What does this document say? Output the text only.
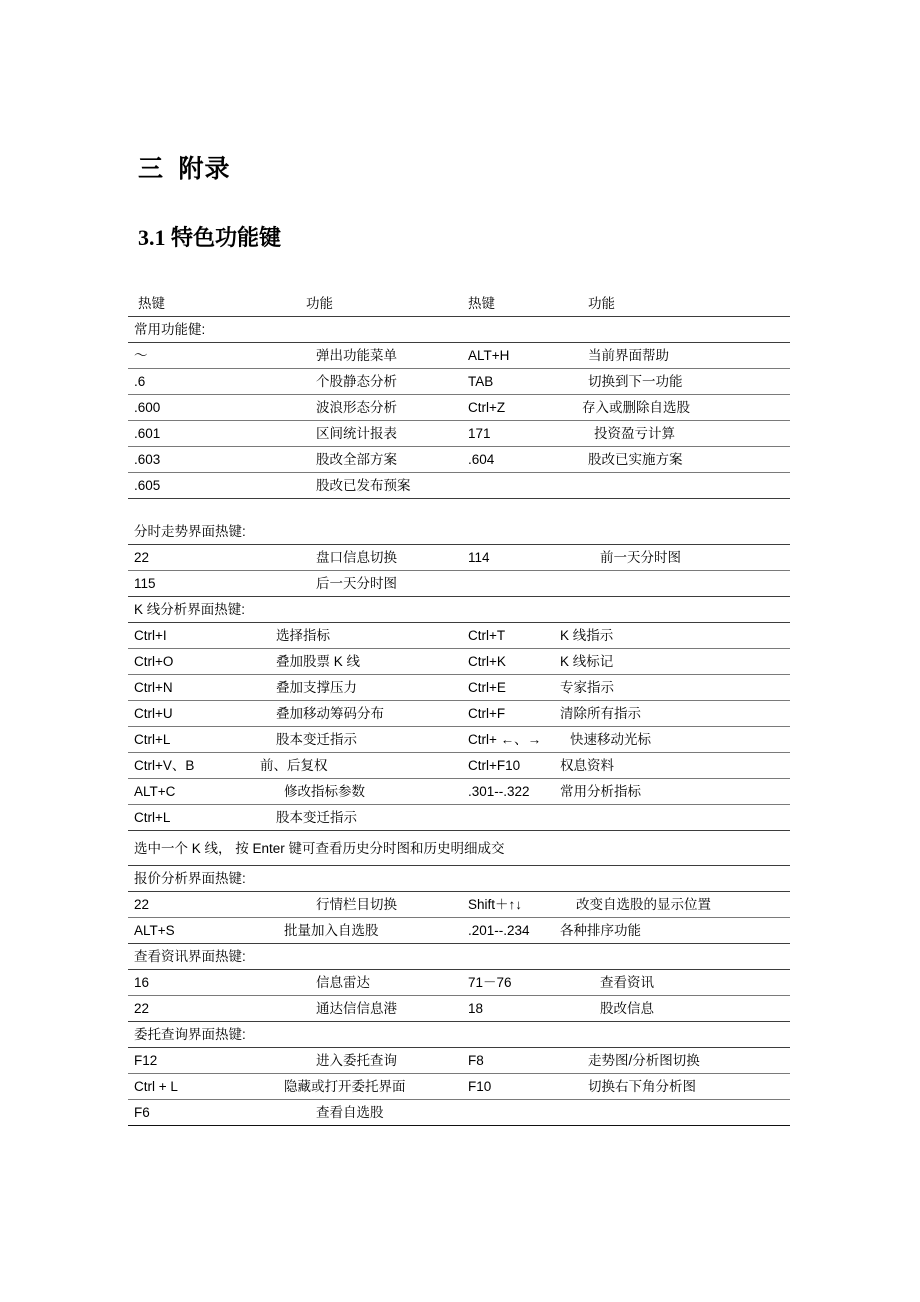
三  附录
3.1 特色功能键
热键	功能	热键	功能

常用功能健:			

～	弹出功能菜单	ALT+H	当前界面帮助

.6	个股静态分析	TAB	切换到下一功能

.600	波浪形态分析	Ctrl+Z	存入或删除自选股

.601	区间统计报表	171	投资盈亏计算

.603	股改全部方案	.604	股改已实施方案

.605	股改已发布预案		

分时走势界面热键:			

22	盘口信息切换	114	前一天分时图

115	后一天分时图		

K 线分析界面热键:			

Ctrl+I	选择指标	Ctrl+T	K 线指示

Ctrl+O	叠加股票 K 线	Ctrl+K	K 线标记

Ctrl+N	叠加支撑压力	Ctrl+E	专家指示

Ctrl+U	叠加移动筹码分布	Ctrl+F	清除所有指示

Ctrl+L	股本变迁指示	Ctrl+ ←、→	快速移动光标

Ctrl+V、B	前、后复权	Ctrl+F10	权息资料

ALT+C	修改指标参数	.301--.322	常用分析指标

Ctrl+L	股本变迁指示		

选中一个 K 线， 按 Enter 键可查看历史分时图和历史明细成交			

报价分析界面热键:			

22	行情栏目切换	Shift＋↑↓	改变自选股的显示位置

ALT+S	批量加入自选股	.201--.234	各种排序功能

查看资讯界面热键:			

16	信息雷达	71－76	查看资讯

22	通达信信息港	18	股改信息

委托查询界面热键:			

F12	进入委托查询	F8	走势图/分析图切换

Ctrl + L	隐藏或打开委托界面	F10	切换右下角分析图

F6	查看自选股		
